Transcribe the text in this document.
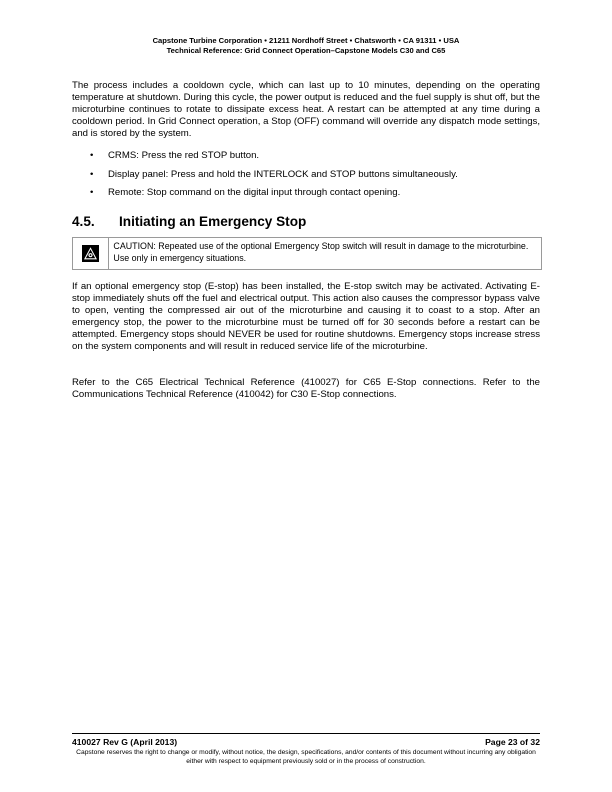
Capstone Turbine Corporation • 21211 Nordhoff Street • Chatsworth • CA 91311 • USA
Technical Reference: Grid Connect Operation–Capstone Models C30 and C65

The process includes a cooldown cycle, which can last up to 10 minutes, depending on the operating temperature at shutdown. During this cycle, the power output is reduced and the fuel supply is shut off, but the microturbine continues to rotate to dissipate excess heat. A restart can be attempted at any time during a cooldown period. In Grid Connect operation, a Stop (OFF) command will override any dispatch mode settings, and is stored by the system.

• CRMS: Press the red STOP button.
• Display panel: Press and hold the INTERLOCK and STOP buttons simultaneously.
• Remote: Stop command on the digital input through contact opening.
4.5. Initiating an Emergency Stop
CAUTION: Repeated use of the optional Emergency Stop switch will result in damage to the microturbine. Use only in emergency situations.

If an optional emergency stop (E-stop) has been installed, the E-stop switch may be activated. Activating E-stop immediately shuts off the fuel and electrical output. This action also causes the compressor bypass valve to open, venting the compressed air out of the microturbine and causing it to coast to a stop. After an emergency stop, the power to the microturbine must be turned off for 30 seconds before a restart can be attempted. Emergency stops should NEVER be used for routine shutdowns. Emergency stops increase stress on the system components and will result in reduced service life of the microturbine.

Refer to the C65 Electrical Technical Reference (410027) for C65 E-Stop connections. Refer to the Communications Technical Reference (410042) for C30 E-Stop connections.

410027 Rev G (April 2013)	Page 23 of 32
Capstone reserves the right to change or modify, without notice, the design, specifications, and/or contents of this document without incurring any obligation either with respect to equipment previously sold or in the process of construction.
